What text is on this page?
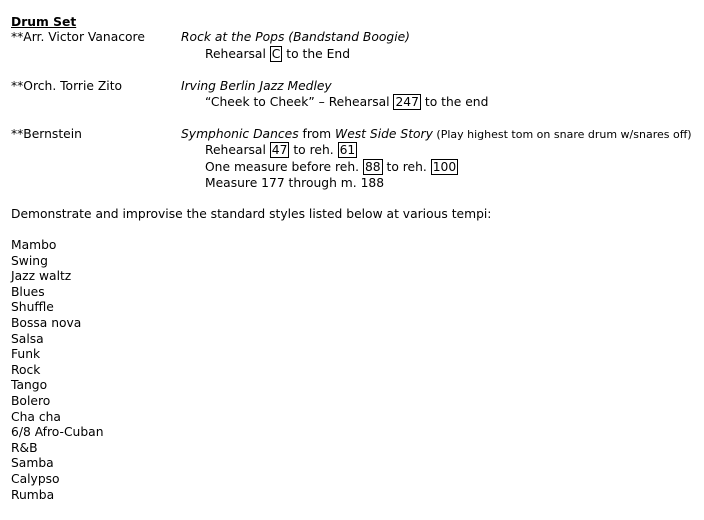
Drum Set
**Arr. Victor Vanacore	Rock at the Pops (Bandstand Boogie)
Rehearsal C to the End
**Orch. Torrie Zito	Irving Berlin Jazz Medley
“Cheek to Cheek” – Rehearsal 247 to the end
**Bernstein	Symphonic Dances from West Side Story (Play highest tom on snare drum w/snares off)
Rehearsal 47 to reh. 61
One measure before reh. 88 to reh. 100
Measure 177 through m. 188
Demonstrate and improvise the standard styles listed below at various tempi:
Mambo
Swing
Jazz waltz
Blues
Shuffle
Bossa nova
Salsa
Funk
Rock
Tango
Bolero
Cha cha
6/8 Afro-Cuban
R&B
Samba
Calypso
Rumba
